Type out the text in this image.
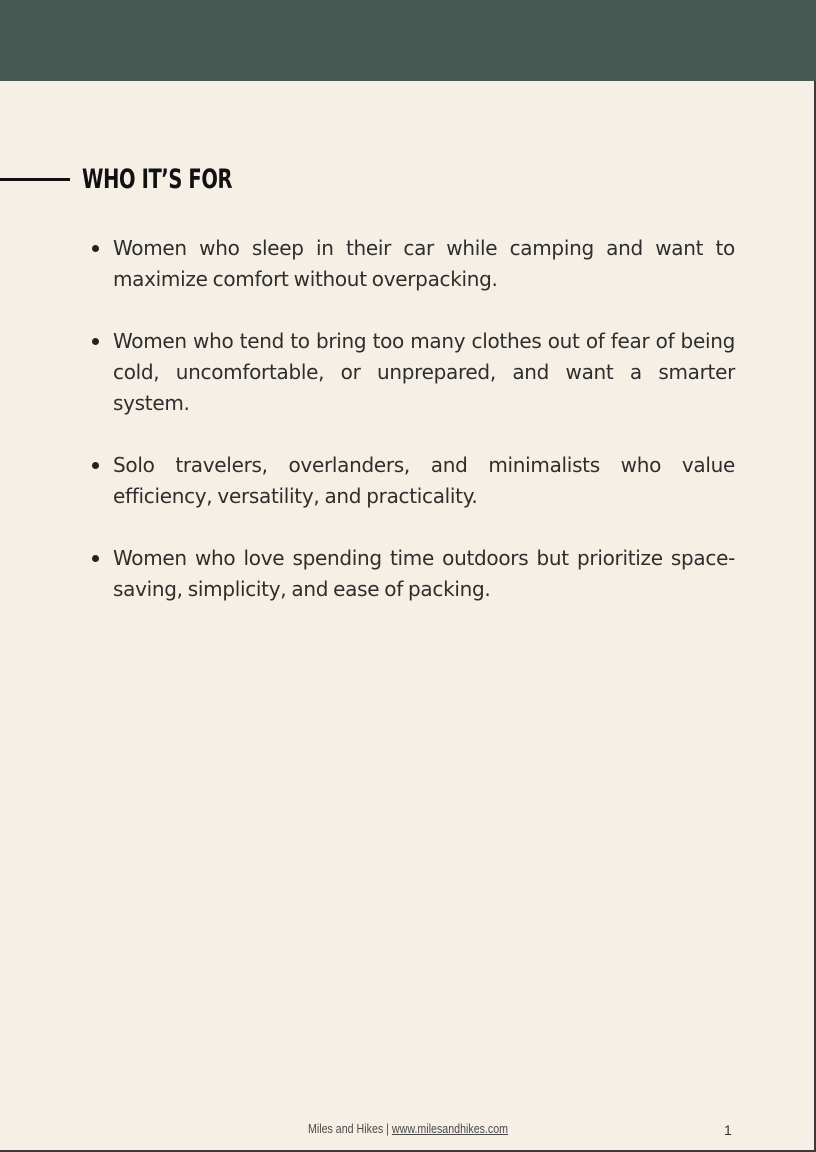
WHO IT’S FOR
Women who sleep in their car while camping and want to maximize comfort without overpacking.
Women who tend to bring too many clothes out of fear of being cold, uncomfortable, or unprepared, and want a smarter system.
Solo travelers, overlanders, and minimalists who value efficiency, versatility, and practicality.
Women who love spending time outdoors but prioritize space-saving, simplicity, and ease of packing.
Miles and Hikes | www.milesandhikes.com	1
